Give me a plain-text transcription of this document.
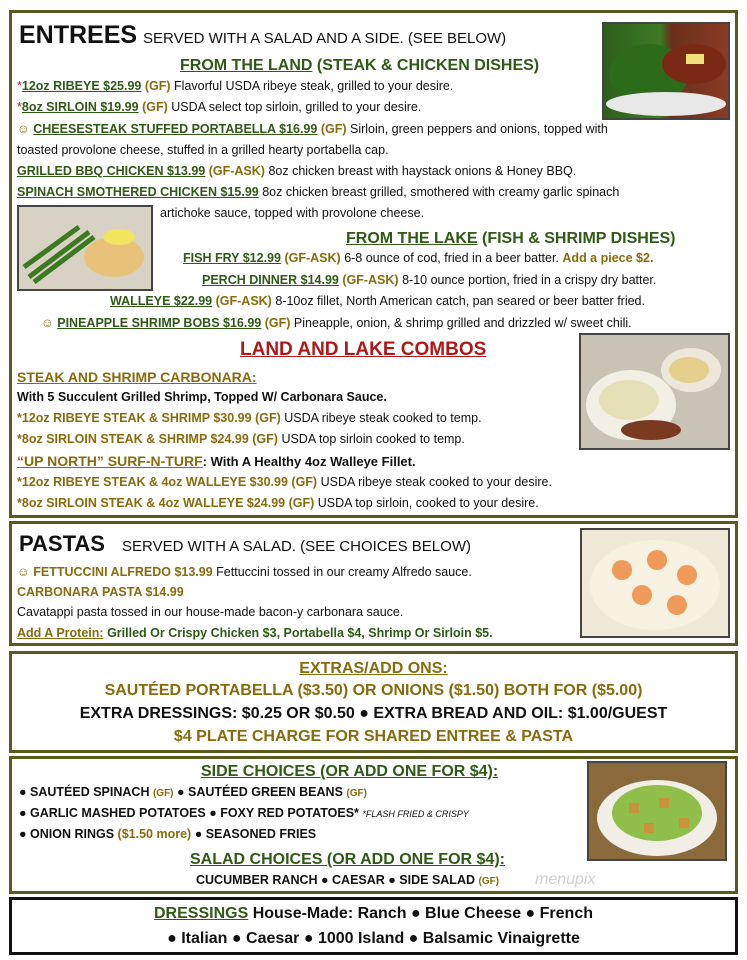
ENTREES SERVED WITH A SALAD AND A SIDE. (SEE BELOW)
FROM THE LAND (STEAK & CHICKEN DISHES)
*12oz RIBEYE $25.99 (GF) Flavorful USDA ribeye steak, grilled to your desire.
*8oz SIRLOIN $19.99 (GF) USDA select top sirloin, grilled to your desire.
☺ CHEESESTEAK STUFFED PORTABELLA $16.99 (GF) Sirloin, green peppers and onions, topped with
toasted provolone cheese, stuffed in a grilled hearty portabella cap.
GRILLED BBQ CHICKEN $13.99 (GF-ASK) 8oz chicken breast with haystack onions & Honey BBQ.
SPINACH SMOTHERED CHICKEN $15.99 8oz chicken breast grilled, smothered with creamy garlic spinach
artichoke sauce, topped with provolone cheese.
FROM THE LAKE (FISH & SHRIMP DISHES)
FISH FRY $12.99 (GF-ASK) 6-8 ounce of cod, fried in a beer batter. Add a piece $2.
PERCH DINNER $14.99 (GF-ASK) 8-10 ounce portion, fried in a crispy dry batter.
WALLEYE $22.99 (GF-ASK) 8-10oz fillet, North American catch, pan seared or beer batter fried.
☺ PINEAPPLE SHRIMP BOBS $16.99 (GF) Pineapple, onion, & shrimp grilled and drizzled w/ sweet chili.
LAND AND LAKE COMBOS
STEAK AND SHRIMP CARBONARA:
With 5 Succulent Grilled Shrimp, Topped W/ Carbonara Sauce.
*12oz RIBEYE STEAK & SHRIMP $30.99 (GF) USDA ribeye steak cooked to temp.
*8oz SIRLOIN STEAK & SHRIMP $24.99 (GF) USDA top sirloin cooked to temp.
“UP NORTH” SURF-N-TURF: With A Healthy 4oz Walleye Fillet.
*12oz RIBEYE STEAK & 4oz WALLEYE $30.99 (GF) USDA ribeye steak cooked to your desire.
*8oz SIRLOIN STEAK & 4oz WALLEYE $24.99 (GF) USDA top sirloin, cooked to your desire.
PASTAS SERVED WITH A SALAD. (SEE CHOICES BELOW)
☺ FETTUCCINI ALFREDO $13.99 Fettuccini tossed in our creamy Alfredo sauce.
CARBONARA PASTA $14.99
Cavatappi pasta tossed in our house-made bacon-y carbonara sauce.
Add A Protein: Grilled Or Crispy Chicken $3, Portabella $4, Shrimp Or Sirloin $5.
EXTRAS/ADD ONS:
SAUTÉED PORTABELLA ($3.50) OR ONIONS ($1.50) BOTH FOR ($5.00)
EXTRA DRESSINGS: $0.25 OR $0.50 ● EXTRA BREAD AND OIL: $1.00/GUEST
$4 PLATE CHARGE FOR SHARED ENTREE & PASTA
SIDE CHOICES (OR ADD ONE FOR $4):
● SAUTÉED SPINACH (GF) ● SAUTÉED GREEN BEANS (GF)
● GARLIC MASHED POTATOES ● FOXY RED POTATOES* *FLASH FRIED & CRISPY
● ONION RINGS ($1.50 more) ● SEASONED FRIES
SALAD CHOICES (OR ADD ONE FOR $4):
CUCUMBER RANCH ● CAESAR ● SIDE SALAD (GF) menupix
DRESSINGS House-Made: Ranch ● Blue Cheese ● French
● Italian ● Caesar ● 1000 Island ● Balsamic Vinaigrette
